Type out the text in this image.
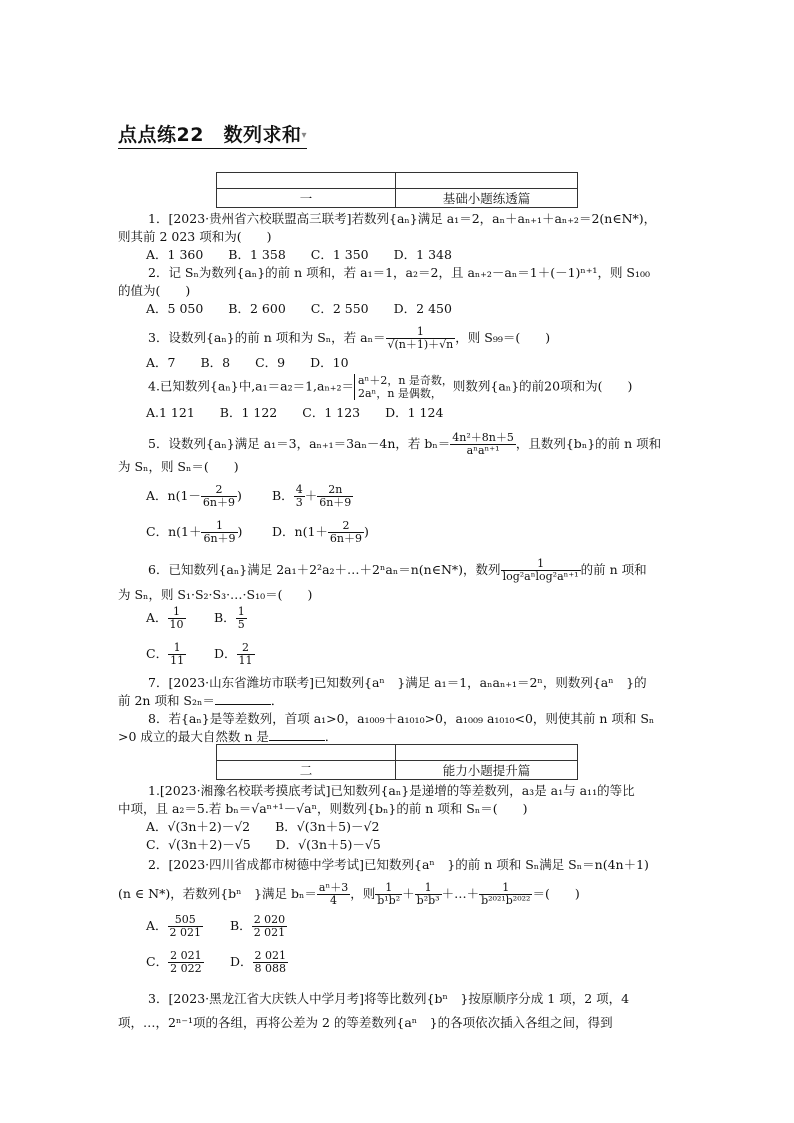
点点练22　数列求和▾

一	基础小题练透篇
1．[2023·贵州省六校联盟高三联考]若数列{aₙ}满足 a₁＝2，aₙ＋aₙ₊₁＋aₙ₊₂＝2(n∈N*)，
则其前 2 023 项和为(　　)
A．1 360　　B．1 358　　C．1 350　　D．1 348
2．记 Sₙ为数列{aₙ}的前 n 项和，若 a₁＝1，a₂＝2，且 aₙ₊₂－aₙ＝1＋(－1)ⁿ⁺¹，则 S₁₀₀
的值为(　　)
A．5 050　　B．2 600　　C．2 550　　D．2 450
3．设数列{aₙ}的前 n 项和为 Sₙ，若 $a_n= \frac{1}{√(n+1)+√n}$ ，则 S₉₉＝(　　)
A．7　　B．8　　C．9　　D．10
4.已知数列{aₙ}中,a₁＝a₂＝1,aₙ₊₂＝ aⁿ＋2，n 是奇数，
2aⁿ，n 是偶数， 则数列{aₙ}的前20项和为(　　)
A.1 121　　B．1 122　　C．1 123　　D．1 124
5．设数列{aₙ}满足 a₁＝3，aₙ₊₁＝3aₙ－4n，若 $b_n= \frac{\text{4n²＋8n＋5}}{\text{aⁿaⁿ⁺¹}}$ ，且数列{bₙ}的前 n 项和
为 Sₙ，则 Sₙ＝(　　)
A．$n(1- \frac{2}{6n+9}$ ) B． $\frac{4}{3} + \frac{2n}{6n+9}$
C．$n(1+ \frac{1}{6n+9}$ ) D．$n(1+ \frac{2}{6n+9}$ )
6．已知数列{aₙ}满足 2a₁＋2²a₂＋…＋2ⁿaₙ＝n(n∈N*)，数列 $\frac{1}{\text{log²aⁿlog²aⁿ⁺¹}}$ 的前 n 项和
为 Sₙ，则 S₁·S₂·S₃·…·S₁₀＝(　　)
A． $\frac{1}{10}$ B． $\frac{1}{5}$
C． $\frac{1}{11}$ D． $\frac{2}{11}$
7．[2023·山东省潍坊市联考]已知数列{aⁿ　}满足 a₁＝1，aₙaₙ₊₁＝2ⁿ，则数列{aⁿ　}的
前 2n 项和 S₂ₙ＝	．
8．若{aₙ}是等差数列，首项 a₁>0，a₁₀₀₉＋a₁₀₁₀>0，a₁₀₀₉ a₁₀₁₀<0，则使其前 n 项和 Sₙ
>0 成立的最大自然数 n 是	．

二	能力小题提升篇
1.[2023·湘豫名校联考摸底考试]已知数列{aₙ}是递增的等差数列，a₃是 a₁与 a₁₁的等比
中项，且 a₂＝5.若 bₙ＝√aⁿ⁺¹－√aⁿ，则数列{bₙ}的前 n 项和 Sₙ＝(　　)
A．√(3n＋2)－√2　　B．√(3n＋5)－√2
C．√(3n＋2)－√5　　D．√(3n＋5)－√5
2．[2023·四川省成都市树德中学考试]已知数列{aⁿ　}的前 n 项和 Sₙ满足 Sₙ＝n(4n＋1)
(n ∈ N*)，若数列{bⁿ　}满足 $b_n= \frac{\text{aⁿ＋3}}{4}$ ，则 $\frac{1}{\text{b¹b²}} + \frac{1}{\text{b²b³}}$ ＋…＋ $\frac{1}{\text{b²⁰²¹b²⁰²²}}$ ＝(　　)
A． $\frac{505}{2 021}$ B． $\frac{2 020}{2 021}$
C． $\frac{2 021}{2 022}$ D． $\frac{2 021}{8 088}$
3．[2023·黑龙江省大庆铁人中学月考]将等比数列{bⁿ　}按原顺序分成 1 项，2 项，4
项，…，2ⁿ⁻¹项的各组，再将公差为 2 的等差数列{aⁿ　}的各项依次插入各组之间，得到
